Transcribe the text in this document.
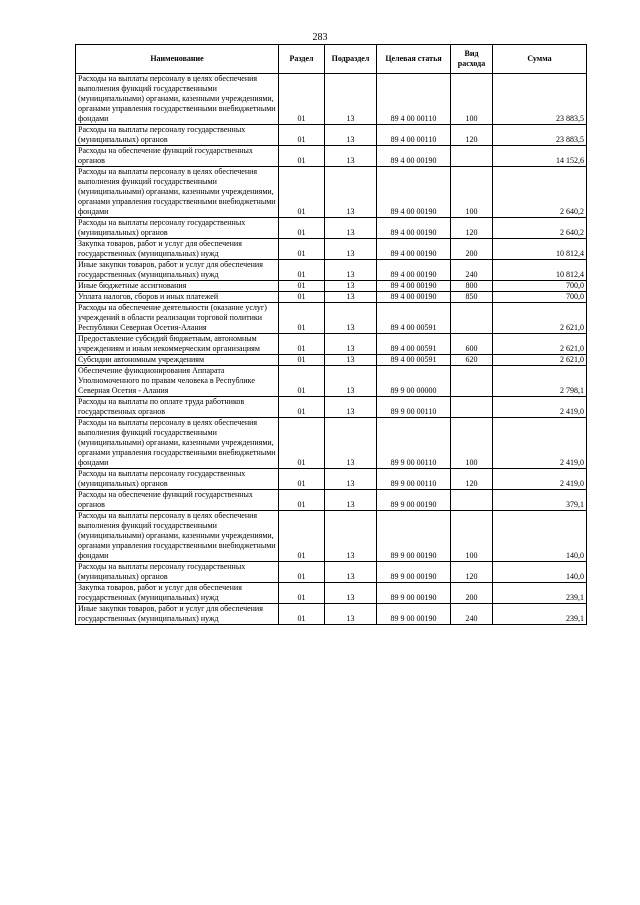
283
Наименование	Раздел	Подраздел	Целевая статья	Вид расхода	Сумма
Расходы на выплаты персоналу в целях обеспечения выполнения функций государственными (муниципальными) органами, казенными учреждениями, органами управления государственными внебюджетными фондами	01	13	89 4 00 00110	100	23 883,5
Расходы на выплаты персоналу государственных (муниципальных) органов	01	13	89 4 00 00110	120	23 883,5
Расходы на обеспечение функций государственных органов	01	13	89 4 00 00190		14 152,6
Расходы на выплаты персоналу в целях обеспечения выполнения функций государственными (муниципальными) органами, казенными учреждениями, органами управления государственными внебюджетными фондами	01	13	89 4 00 00190	100	2 640,2
Расходы на выплаты персоналу государственных (муниципальных) органов	01	13	89 4 00 00190	120	2 640,2
Закупка товаров, работ и услуг для обеспечения государственных (муниципальных) нужд	01	13	89 4 00 00190	200	10 812,4
Иные закупки товаров, работ и услуг для обеспечения государственных (муниципальных) нужд	01	13	89 4 00 00190	240	10 812,4
Иные бюджетные ассигнования	01	13	89 4 00 00190	800	700,0
Уплата налогов, сборов и иных платежей	01	13	89 4 00 00190	850	700,0
Расходы на обеспечение деятельности (оказание услуг) учреждений в области реализации торговой политики Республики Северная Осетия-Алания	01	13	89 4 00 00591		2 621,0
Предоставление субсидий бюджетным, автономным учреждениям и иным некоммерческим организациям	01	13	89 4 00 00591	600	2 621,0
Субсидии автономным учреждениям	01	13	89 4 00 00591	620	2 621,0
Обеспечение функционирования Аппарата Уполномоченного по правам человека в Республике Северная Осетия - Алания	01	13	89 9 00 00000		2 798,1
Расходы на выплаты по оплате труда работников государственных органов	01	13	89 9 00 00110		2 419,0
Расходы на выплаты персоналу в целях обеспечения выполнения функций государственными (муниципальными) органами, казенными учреждениями, органами управления государственными внебюджетными фондами	01	13	89 9 00 00110	100	2 419,0
Расходы на выплаты персоналу государственных (муниципальных) органов	01	13	89 9 00 00110	120	2 419,0
Расходы на обеспечение функций государственных органов	01	13	89 9 00 00190		379,1
Расходы на выплаты персоналу в целях обеспечения выполнения функций государственными (муниципальными) органами, казенными учреждениями, органами управления государственными внебюджетными фондами	01	13	89 9 00 00190	100	140,0
Расходы на выплаты персоналу государственных (муниципальных) органов	01	13	89 9 00 00190	120	140,0
Закупка товаров, работ и услуг для обеспечения государственных (муниципальных) нужд	01	13	89 9 00 00190	200	239,1
Иные закупки товаров, работ и услуг для обеспечения государственных (муниципальных) нужд	01	13	89 9 00 00190	240	239,1
